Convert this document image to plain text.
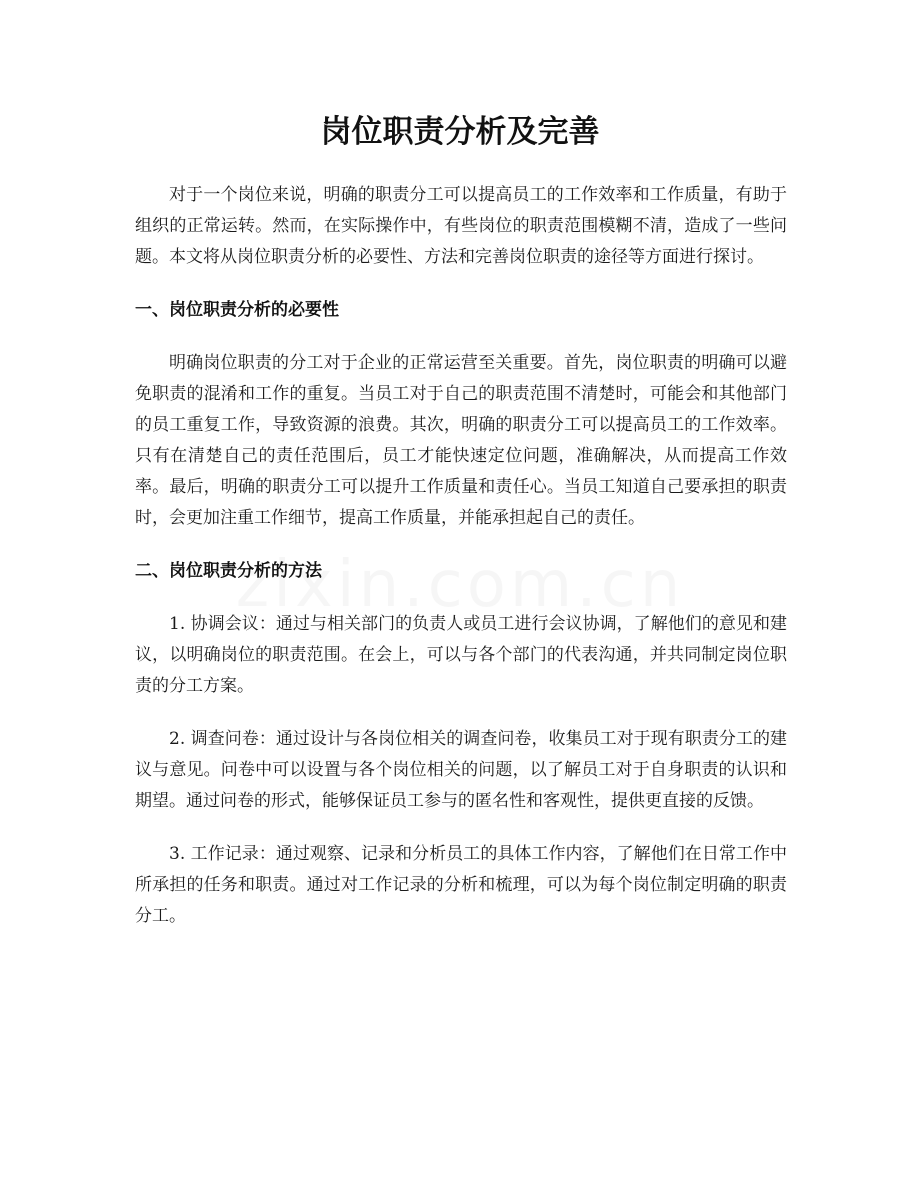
岗位职责分析及完善

对于一个岗位来说，明确的职责分工可以提高员工的工作效率和工作质量，有助于组织的正常运转。然而，在实际操作中，有些岗位的职责范围模糊不清，造成了一些问题。本文将从岗位职责分析的必要性、方法和完善岗位职责的途径等方面进行探讨。

一、岗位职责分析的必要性

明确岗位职责的分工对于企业的正常运营至关重要。首先，岗位职责的明确可以避免职责的混淆和工作的重复。当员工对于自己的职责范围不清楚时，可能会和其他部门的员工重复工作，导致资源的浪费。其次，明确的职责分工可以提高员工的工作效率。只有在清楚自己的责任范围后，员工才能快速定位问题，准确解决，从而提高工作效率。最后，明确的职责分工可以提升工作质量和责任心。当员工知道自己要承担的职责时，会更加注重工作细节，提高工作质量，并能承担起自己的责任。

二、岗位职责分析的方法

1. 协调会议：通过与相关部门的负责人或员工进行会议协调，了解他们的意见和建议，以明确岗位的职责范围。在会上，可以与各个部门的代表沟通，并共同制定岗位职责的分工方案。

2. 调查问卷：通过设计与各岗位相关的调查问卷，收集员工对于现有职责分工的建议与意见。问卷中可以设置与各个岗位相关的问题，以了解员工对于自身职责的认识和期望。通过问卷的形式，能够保证员工参与的匿名性和客观性，提供更直接的反馈。

3. 工作记录：通过观察、记录和分析员工的具体工作内容，了解他们在日常工作中所承担的任务和职责。通过对工作记录的分析和梳理，可以为每个岗位制定明确的职责分工。
